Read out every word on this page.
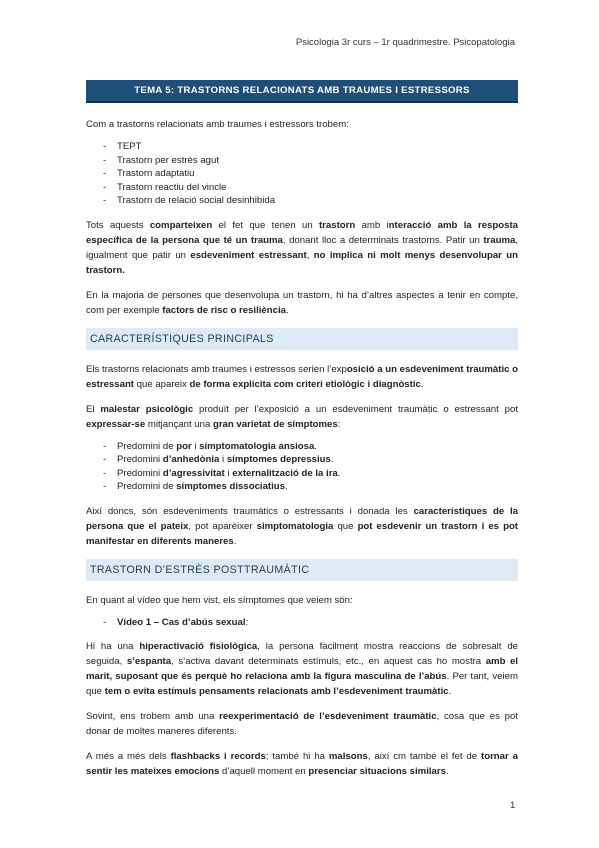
Psicologia 3r curs – 1r quadrimestre. Psicopatologia
TEMA 5: TRASTORNS RELACIONATS AMB TRAUMES I ESTRESSORS

Com a trastorns relacionats amb traumes i estressors trobem:

- TEPT
- Trastorn per estrès agut
- Trastorn adaptatiu
- Trastorn reactiu del vincle
- Trastorn de relació social desinhibida

Tots aquests comparteixen el fet que tenen un trastorn amb interacció amb la resposta específica de la persona que té un trauma, donant lloc a determinats trastorns. Patir un trauma, igualment que patir un esdeveniment estressant, no implica ni molt menys desenvolupar un trastorn.

En la majoria de persones que desenvolupa un trastorn, hi ha d’altres aspectes a tenir en compte, com per exemple factors de risc o resiliència.

CARACTERÍSTIQUES PRINCIPALS

Els trastorns relacionats amb traumes i estressos serien l’exposició a un esdeveniment traumàtic o estressant que apareix de forma explícita com criteri etiològic i diagnòstic.

El malestar psicològic produït per l’exposició a un esdeveniment traumàtic o estressant pot expressar-se mitjançant una gran varietat de símptomes:

- Predomini de por i símptomatologia ansiosa.
- Predomini d’anhedònia i símptomes depressius.
- Predomini d’agressivitat i externalització de la ira.
- Predomini de símptomes dissociatius.

Així doncs, són esdeveniments traumàtics o estressants i donada les característiques de la persona que el pateix, pot aparèixer simptomatologia que pot esdevenir un trastorn i es pot manifestar en diferents maneres.

TRASTORN D’ESTRÈS POSTTRAUMÀTIC

En quant al vídeo que hem vist, els símptomes que veiem són:

- Vídeo 1 – Cas d’abús sexual:

Hi ha una hiperactivació fisiològica, la persona fàcilment mostra reaccions de sobresalt de seguida, s’espanta, s’activa davant determinats estímuls, etc., en aquest cas ho mostra amb el marit, suposant que és perquè ho relaciona amb la figura masculina de l’abús. Per tant, veiem que tem o evita estímuls pensaments relacionats amb l’esdeveniment traumàtic.

Sovint, ens trobem amb una reexperimentació de l’esdeveniment traumàtic, cosa que es pot donar de moltes maneres diferents.

A més a més dels flashbacks i records; també hi ha malsons, així cm també el fet de tornar a sentir les mateixes emocions d’aquell moment en presenciar situacions similars.

1
